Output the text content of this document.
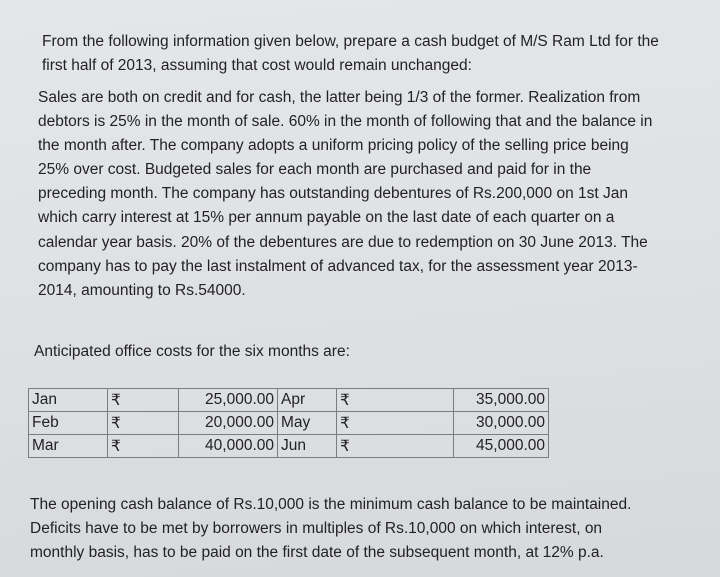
From the following information given below, prepare a cash budget of M/S Ram Ltd for the
first half of 2013, assuming that cost would remain unchanged:

Sales are both on credit and for cash, the latter being 1/3 of the former. Realization from
debtors is 25% in the month of sale. 60% in the month of following that and the balance in
the month after. The company adopts a uniform pricing policy of the selling price being
25% over cost. Budgeted sales for each month are purchased and paid for in the
preceding month. The company has outstanding debentures of Rs.200,000 on 1st Jan
which carry interest at 15% per annum payable on the last date of each quarter on a
calendar year basis. 20% of the debentures are due to redemption on 30 June 2013. The
company has to pay the last instalment of advanced tax, for the assessment year 2013-
2014, amounting to Rs.54000.

Anticipated office costs for the six months are:

Jan	₹	25,000.00	Apr	₹	35,000.00
Feb	₹	20,000.00	May	₹	30,000.00
Mar	₹	40,000.00	Jun	₹	45,000.00

The opening cash balance of Rs.10,000 is the minimum cash balance to be maintained.
Deficits have to be met by borrowers in multiples of Rs.10,000 on which interest, on
monthly basis, has to be paid on the first date of the subsequent month, at 12% p.a.
